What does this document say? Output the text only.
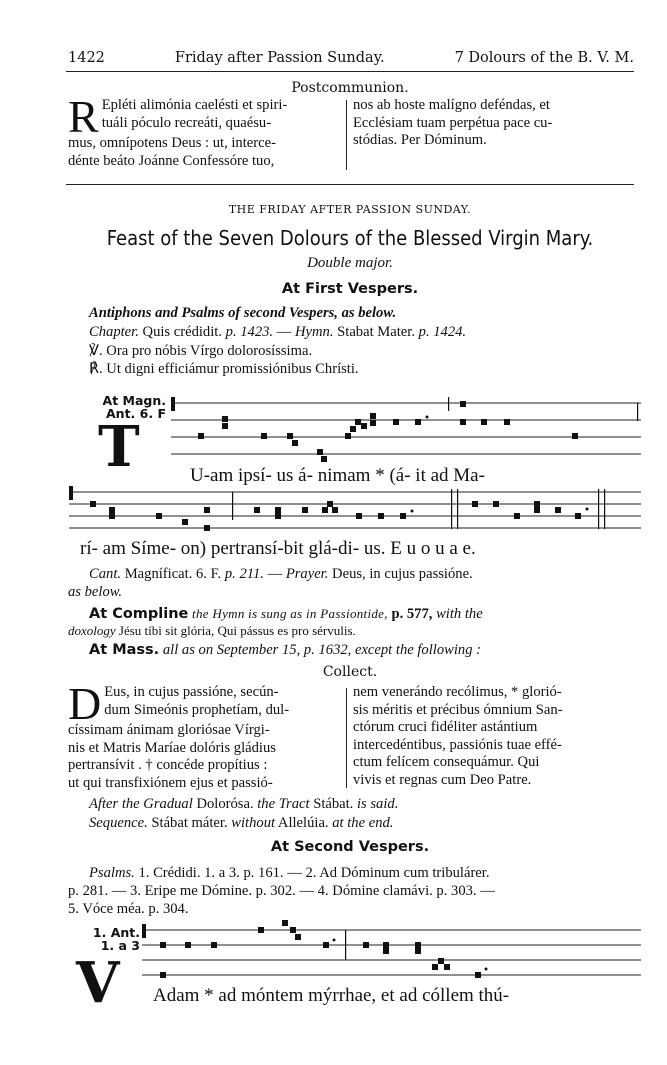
1422	Friday after Passion Sunday.	7 Dolours of the B. V. M.
Postcommunion.
R Epléti alimónia caelésti et spiri-
tuáli póculo recreáti, quaésu-
mus, omnípotens Deus : ut, interce-
dénte beáto Joánne Confessóre tuo,
nos ab hoste malígno deféndas, et
Ecclésiam tuam perpétua pace cu-
stódias. Per Dóminum.
THE FRIDAY AFTER PASSION SUNDAY.
Feast of the Seven Dolours of the Blessed Virgin Mary.
Double major.
At First Vespers.
Antiphons and Psalms of second Vespers, as below.
Chapter. Quis crédidit. p. 1423. — Hymn. Stabat Mater. p. 1424.
℣. Ora pro nóbis Vírgo dolorosíssima.
℟. Ut digni efficiámur promissiónibus Chrísti.
At Magn.
Ant. 6. F
T	U-am ipsí- us á- nimam * (á- it ad Ma-
rí- am Síme- on) pertransí-bit glá-di- us. E u o u a e.
Cant. Magníficat. 6. F. p. 211. — Prayer. Deus, in cujus passióne.
as below.
At Compline the Hymn is sung as in Passiontide, p. 577, with the
doxology Jésu tíbi sit glória, Qui pássus es pro sérvulis.
At Mass. all as on September 15, p. 1632, except the following :
Collect.
D Eus, in cujus passióne, secún-
dum Simeónis prophetíam, dul-
císsimam ánimam gloriósae Vírgi-
nis et Matris Maríae dolóris gládius
pertransívit . † concéde propítius :
ut qui transfixiónem ejus et passió-
nem venerándo recólimus, * glorió-
sis méritis et précibus ómnium San-
ctórum cruci fidéliter astántium
intercedéntibus, passiónis tuae effé-
ctum felícem consequámur. Qui
vivis et regnas cum Deo Patre.
After the Gradual Dolorósa. the Tract Stábat. is said.
Sequence. Stábat máter. without Allelúia. at the end.
At Second Vespers.
Psalms. 1. Crédidi. 1. a 3. p. 161. — 2. Ad Dóminum cum tribulárer.
p. 281. — 3. Eripe me Dómine. p. 302. — 4. Dómine clamávi. p. 303. —
5. Vóce méa. p. 304.
1. Ant.
1. a 3
V Adam * ad móntem mýrrhae, et ad cóllem thú-
